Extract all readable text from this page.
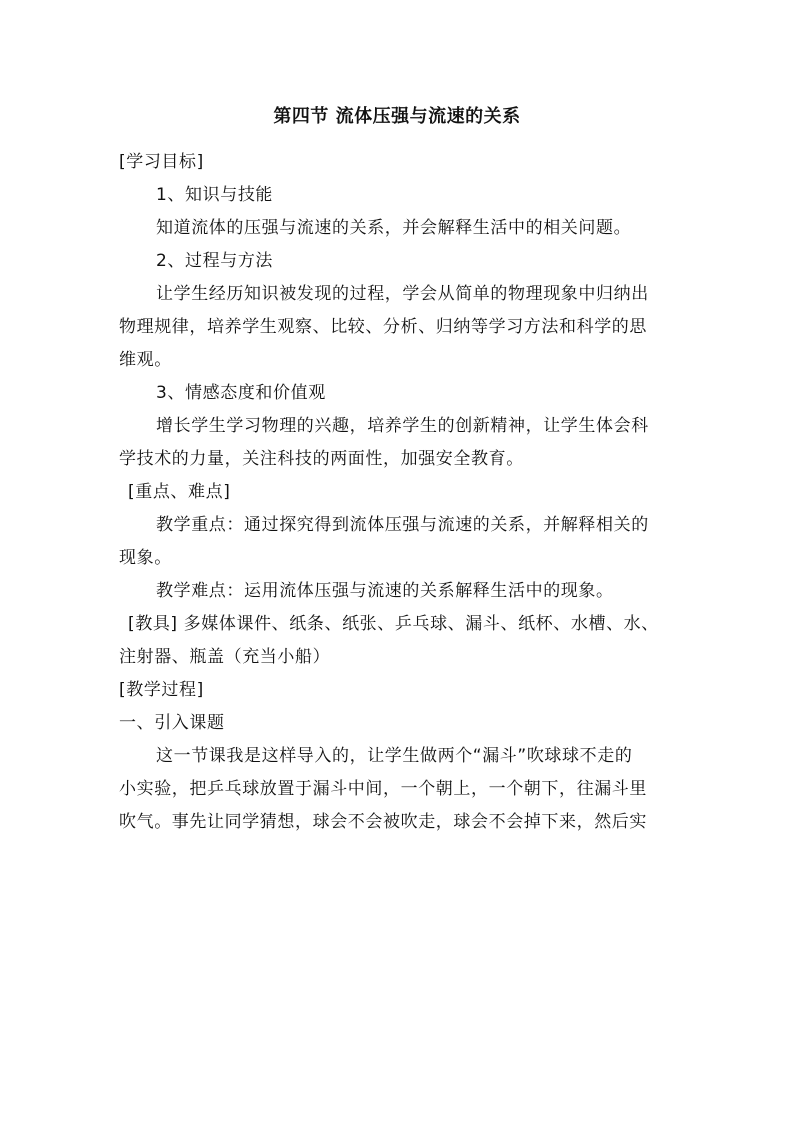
第四节 流体压强与流速的关系
[学习目标]
1、知识与技能
知道流体的压强与流速的关系，并会解释生活中的相关问题。
2、过程与方法
让学生经历知识被发现的过程，学会从简单的物理现象中归纳出
物理规律，培养学生观察、比较、分析、归纳等学习方法和科学的思
维观。
3、情感态度和价值观
增长学生学习物理的兴趣，培养学生的创新精神，让学生体会科
学技术的力量，关注科技的两面性，加强安全教育。
[重点、难点]
教学重点：通过探究得到流体压强与流速的关系，并解释相关的
现象。
教学难点：运用流体压强与流速的关系解释生活中的现象。
[教具] 多媒体课件、纸条、纸张、乒乓球、漏斗、纸杯、水槽、水、
注射器、瓶盖（充当小船）
[教学过程]
一、引入课题
这一节课我是这样导入的，让学生做两个“漏斗”吹球球不走的
小实验，把乒乓球放置于漏斗中间，一个朝上，一个朝下，往漏斗里
吹气。事先让同学猜想，球会不会被吹走，球会不会掉下来，然后实
